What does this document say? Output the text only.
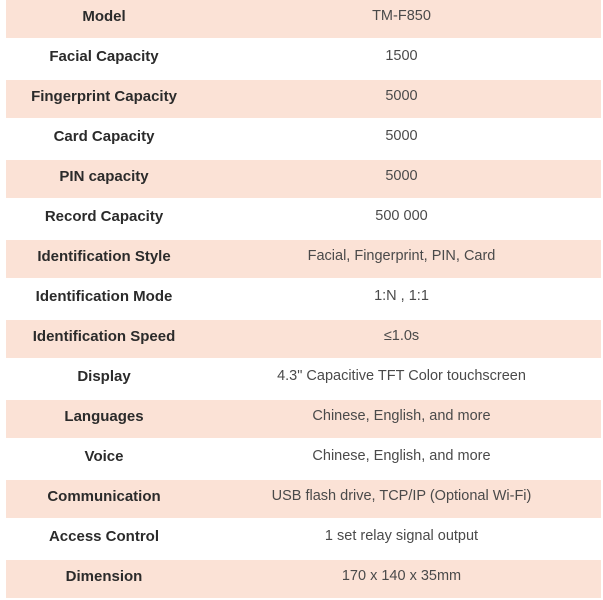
Model	TM-F850
Facial Capacity	1500
Fingerprint Capacity	5000
Card Capacity	5000
PIN capacity	5000
Record Capacity	500 000
Identification Style	Facial, Fingerprint, PIN, Card
Identification Mode	1:N , 1:1
Identification Speed	≤1.0s
Display	4.3" Capacitive TFT Color touchscreen
Languages	Chinese, English, and more
Voice	Chinese, English, and more
Communication	USB flash drive, TCP/IP (Optional Wi-Fi)
Access Control	1 set relay signal output
Dimension	170 x 140 x 35mm
